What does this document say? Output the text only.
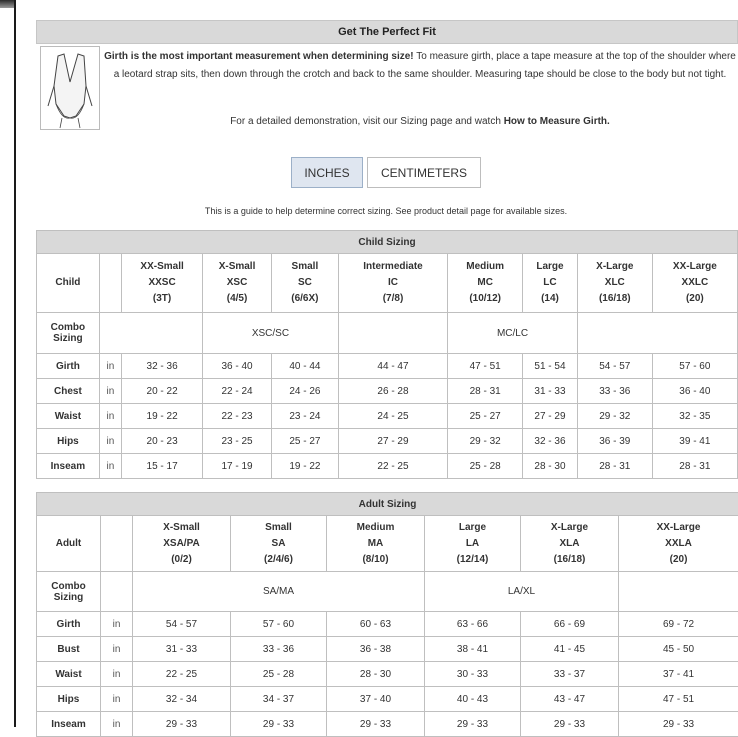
Get The Perfect Fit
Girth is the most important measurement when determining size! To measure girth, place a tape measure at the top of the shoulder where a leotard strap sits, then down through the crotch and back to the same shoulder. Measuring tape should be close to the body but not tight.
For a detailed demonstration, visit our Sizing page and watch How to Measure Girth.
INCHES	CENTIMETERS
This is a guide to help determine correct sizing. See product detail page for available sizes.
Child Sizing									
Child		XX-Small
XXSC
(3T)	X-Small
XSC
(4/5)	Small
SC
(6/6X)	Intermediate
IC
(7/8)	Medium
MC
(10/12)	Large
LC
(14)	X-Large
XLC
(16/18)	XX-Large
XXLC
(20)

Combo Sizing			XSC/SC			MC/LC			
Girth	in	32 - 36	36 - 40	40 - 44	44 - 47	47 - 51	51 - 54	54 - 57	57 - 60
Chest	in	20 - 22	22 - 24	24 - 26	26 - 28	28 - 31	31 - 33	33 - 36	36 - 40
Waist	in	19 - 22	22 - 23	23 - 24	24 - 25	25 - 27	27 - 29	29 - 32	32 - 35
Hips	in	20 - 23	23 - 25	25 - 27	27 - 29	29 - 32	32 - 36	36 - 39	39 - 41
Inseam	in	15 - 17	17 - 19	19 - 22	22 - 25	25 - 28	28 - 30	28 - 31	28 - 31
Adult Sizing							
Adult		X-Small
XSA/PA
(0/2)	Small
SA
(2/4/6)	Medium
MA
(8/10)	Large
LA
(12/14)	X-Large
XLA
(16/18)	XX-Large
XXLA
(20)

Combo Sizing		SA/MA			LA/XL		
Girth	in	54 - 57	57 - 60	60 - 63	63 - 66	66 - 69	69 - 72
Bust	in	31 - 33	33 - 36	36 - 38	38 - 41	41 - 45	45 - 50
Waist	in	22 - 25	25 - 28	28 - 30	30 - 33	33 - 37	37 - 41
Hips	in	32 - 34	34 - 37	37 - 40	40 - 43	43 - 47	47 - 51
Inseam	in	29 - 33	29 - 33	29 - 33	29 - 33	29 - 33	29 - 33
